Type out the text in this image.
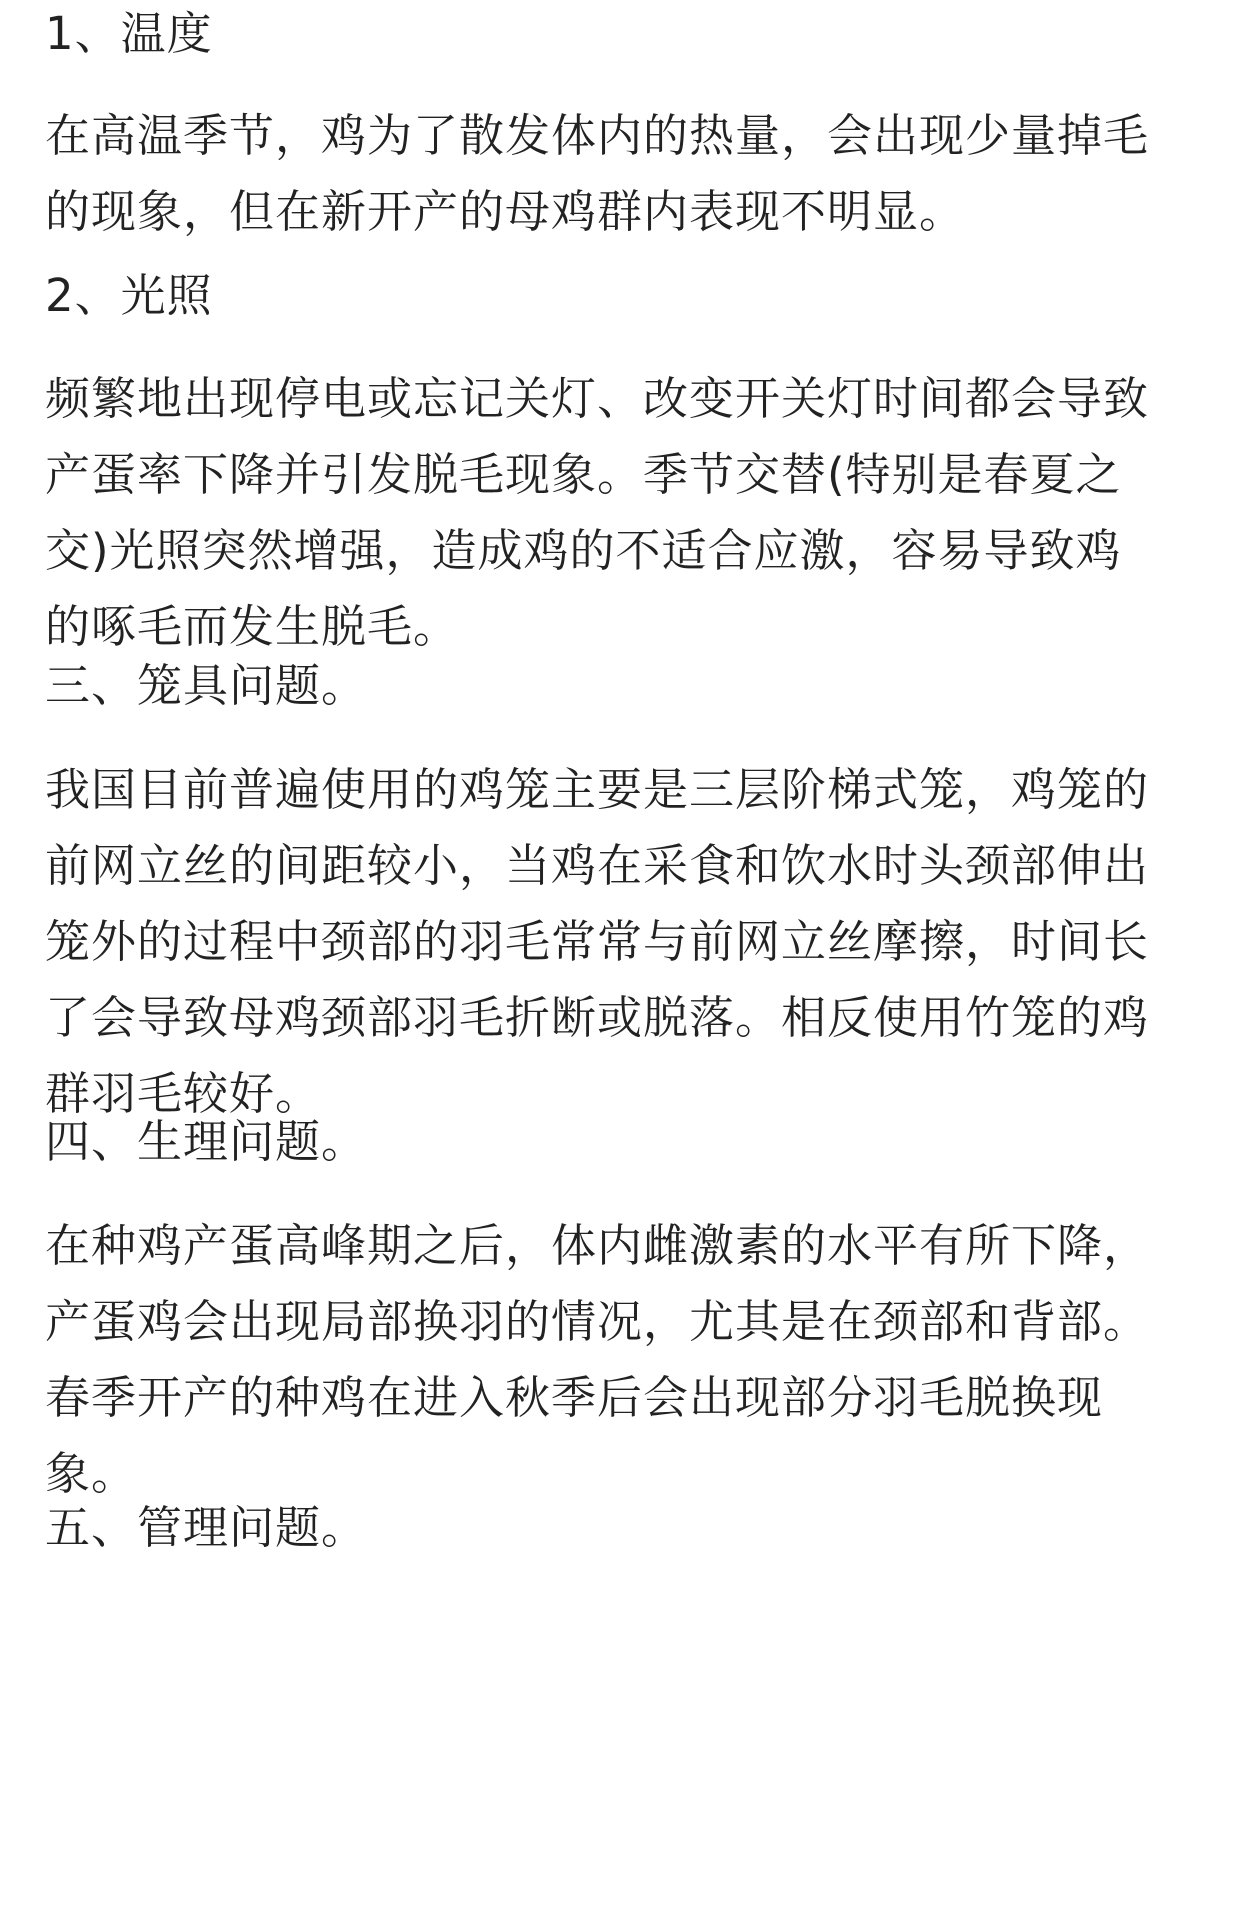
1、温度

在高温季节，鸡为了散发体内的热量，会出现少量掉毛
的现象，但在新开产的母鸡群内表现不明显。

2、光照

频繁地出现停电或忘记关灯、改变开关灯时间都会导致
产蛋率下降并引发脱毛现象。季节交替(特别是春夏之
交)光照突然增强，造成鸡的不适合应激，容易导致鸡
的啄毛而发生脱毛。

三、笼具问题。

我国目前普遍使用的鸡笼主要是三层阶梯式笼，鸡笼的
前网立丝的间距较小，当鸡在采食和饮水时头颈部伸出
笼外的过程中颈部的羽毛常常与前网立丝摩擦，时间长
了会导致母鸡颈部羽毛折断或脱落。相反使用竹笼的鸡
群羽毛较好。

四、生理问题。

在种鸡产蛋高峰期之后，体内雌激素的水平有所下降，
产蛋鸡会出现局部换羽的情况，尤其是在颈部和背部。
春季开产的种鸡在进入秋季后会出现部分羽毛脱换现
象。

五、管理问题。
